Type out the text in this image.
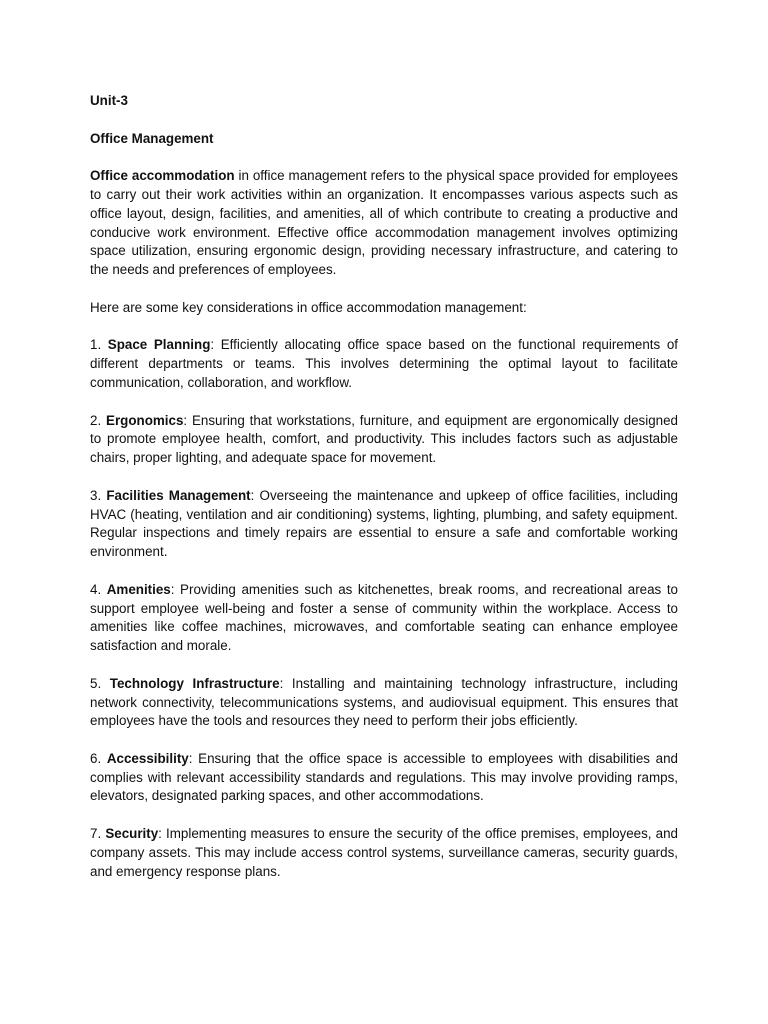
Unit-3

Office Management

Office accommodation in office management refers to the physical space provided for employees to carry out their work activities within an organization. It encompasses various aspects such as office layout, design, facilities, and amenities, all of which contribute to creating a productive and conducive work environment. Effective office accommodation management involves optimizing space utilization, ensuring ergonomic design, providing necessary infrastructure, and catering to the needs and preferences of employees.

Here are some key considerations in office accommodation management:

1. Space Planning: Efficiently allocating office space based on the functional requirements of different departments or teams. This involves determining the optimal layout to facilitate communication, collaboration, and workflow.

2. Ergonomics: Ensuring that workstations, furniture, and equipment are ergonomically designed to promote employee health, comfort, and productivity. This includes factors such as adjustable chairs, proper lighting, and adequate space for movement.

3. Facilities Management: Overseeing the maintenance and upkeep of office facilities, including HVAC (heating, ventilation and air conditioning) systems, lighting, plumbing, and safety equipment. Regular inspections and timely repairs are essential to ensure a safe and comfortable working environment.

4. Amenities: Providing amenities such as kitchenettes, break rooms, and recreational areas to support employee well-being and foster a sense of community within the workplace. Access to amenities like coffee machines, microwaves, and comfortable seating can enhance employee satisfaction and morale.

5. Technology Infrastructure: Installing and maintaining technology infrastructure, including network connectivity, telecommunications systems, and audiovisual equipment. This ensures that employees have the tools and resources they need to perform their jobs efficiently.

6. Accessibility: Ensuring that the office space is accessible to employees with disabilities and complies with relevant accessibility standards and regulations. This may involve providing ramps, elevators, designated parking spaces, and other accommodations.

7. Security: Implementing measures to ensure the security of the office premises, employees, and company assets. This may include access control systems, surveillance cameras, security guards, and emergency response plans.
